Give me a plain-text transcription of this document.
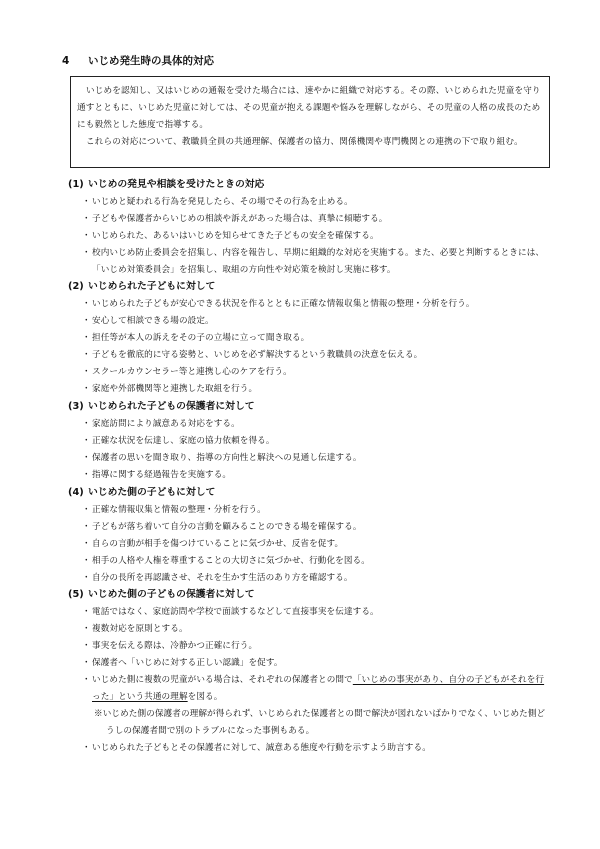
4 いじめ発生時の具体的対応

いじめを認知し、又はいじめの通報を受けた場合には、速やかに組織で対応する。その際、いじめられた児童を守り通すとともに、いじめた児童に対しては、その児童が抱える課題や悩みを理解しながら、その児童の人格の成長のためにも毅然とした態度で指導する。

これらの対応について、教職員全員の共通理解、保護者の協力、関係機関や専門機関との連携の下で取り組む。

(1) いじめの発見や相談を受けたときの対応
・ いじめと疑われる行為を発見したら、その場でその行為を止める。
・ 子どもや保護者からいじめの相談や訴えがあった場合は、真摯に傾聴する。
・ いじめられた、あるいはいじめを知らせてきた子どもの安全を確保する。
・ 校内いじめ防止委員会を招集し、内容を報告し、早期に組織的な対応を実施する。また、必要と判断するときには、「いじめ対策委員会」を招集し、取組の方向性や対応策を検討し実施に移す。
(2) いじめられた子どもに対して
・ いじめられた子どもが安心できる状況を作るとともに正確な情報収集と情報の整理・分析を行う。
・ 安心して相談できる場の設定。
・ 担任等が本人の訴えをその子の立場に立って聞き取る。
・ 子どもを徹底的に守る姿勢と、いじめを必ず解決するという教職員の決意を伝える。
・ スクールカウンセラー等と連携し心のケアを行う。
・ 家庭や外部機関等と連携した取組を行う。
(3) いじめられた子どもの保護者に対して
・ 家庭訪問により誠意ある対応をする。
・ 正確な状況を伝達し、家庭の協力依頼を得る。
・ 保護者の思いを聞き取り、指導の方向性と解決への見通し伝達する。
・ 指導に関する経過報告を実施する。
(4) いじめた側の子どもに対して
・ 正確な情報収集と情報の整理・分析を行う。
・ 子どもが落ち着いて自分の言動を顧みることのできる場を確保する。
・ 自らの言動が相手を傷つけていることに気づかせ、反省を促す。
・ 相手の人格や人権を尊重することの大切さに気づかせ、行動化を図る。
・ 自分の長所を再認識させ、それを生かす生活のあり方を確認する。
(5) いじめた側の子どもの保護者に対して
・ 電話ではなく、家庭訪問や学校で面談するなどして直接事実を伝達する。
・ 複数対応を原則とする。
・ 事実を伝える際は、冷静かつ正確に行う。
・ 保護者へ「いじめに対する正しい認識」を促す。
・ いじめた側に複数の児童がいる場合は、それぞれの保護者との間で「いじめの事実があり、自分の子どもがそれを行った」という共通の理解を図る。
※いじめた側の保護者の理解が得られず、いじめられた保護者との間で解決が図れないばかりでなく、いじめた側どうしの保護者間で別のトラブルになった事例もある。
・ いじめられた子どもとその保護者に対して、誠意ある態度や行動を示すよう助言する。
